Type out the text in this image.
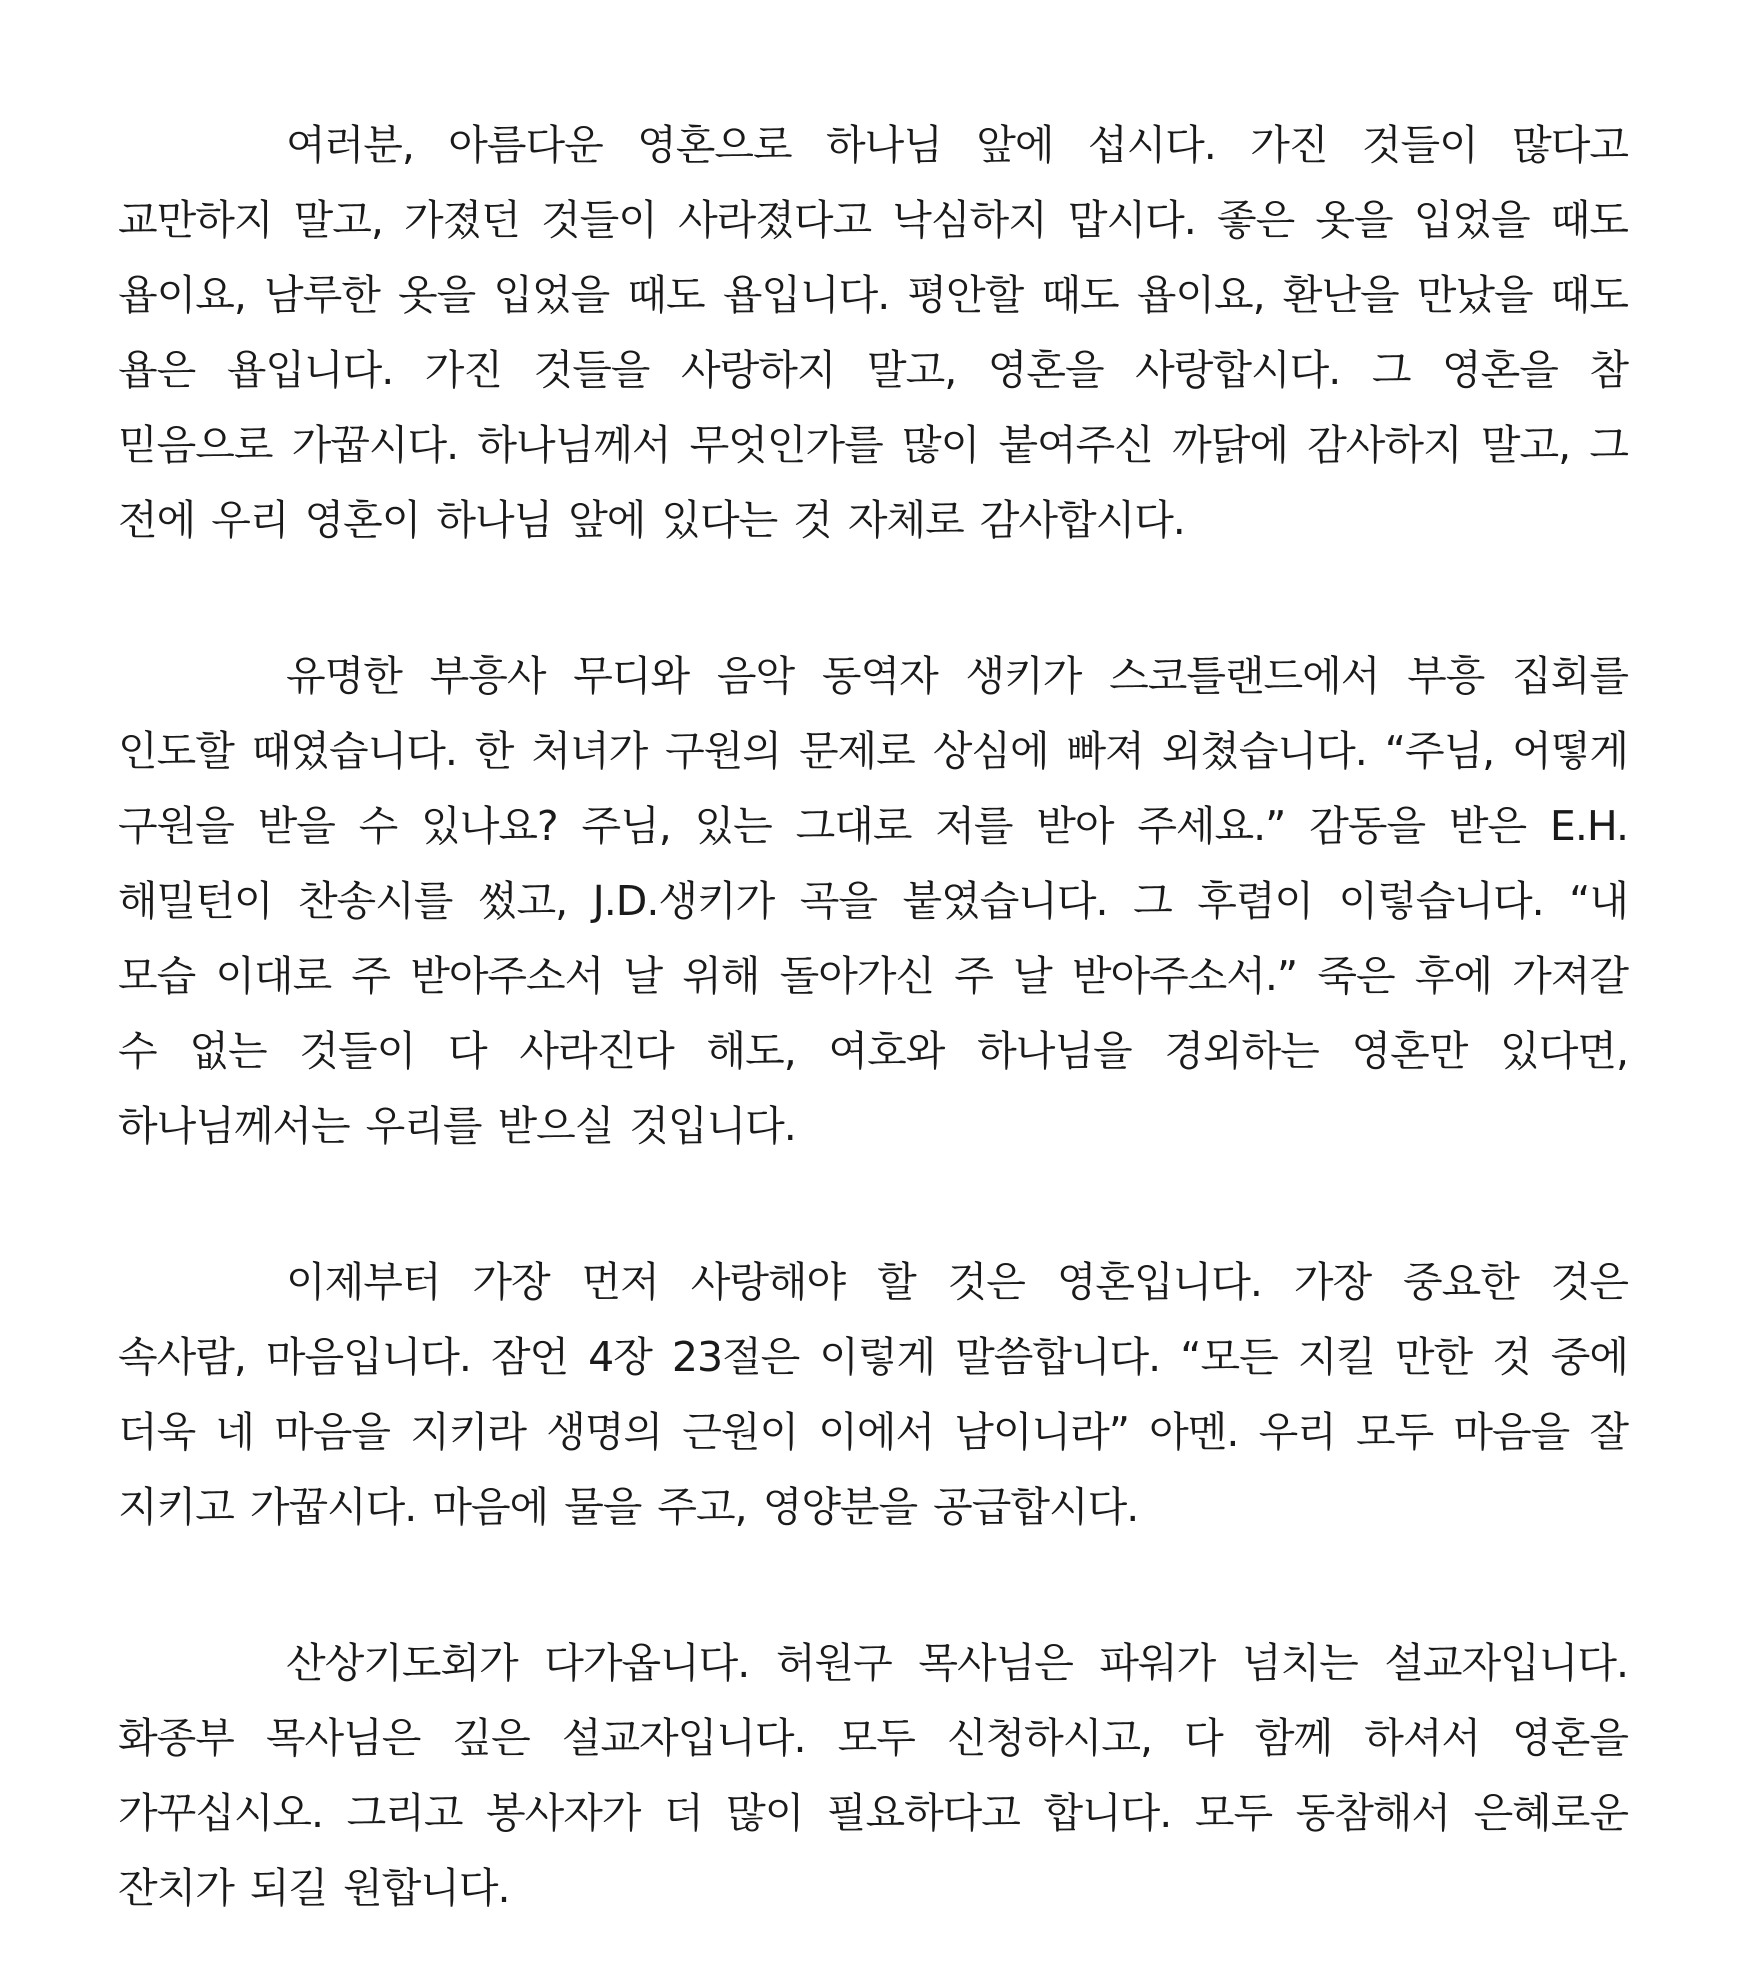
여러분, 아름다운 영혼으로 하나님 앞에 섭시다. 가진 것들이 많다고 교만하지 말고, 가졌던 것들이 사라졌다고 낙심하지 맙시다. 좋은 옷을 입었을 때도 욥이요, 남루한 옷을 입었을 때도 욥입니다. 평안할 때도 욥이요, 환난을 만났을 때도 욥은 욥입니다. 가진 것들을 사랑하지 말고, 영혼을 사랑합시다. 그 영혼을 참 믿음으로 가꿉시다. 하나님께서 무엇인가를 많이 붙여주신 까닭에 감사하지 말고, 그 전에 우리 영혼이 하나님 앞에 있다는 것 자체로 감사합시다.

유명한 부흥사 무디와 음악 동역자 생키가 스코틀랜드에서 부흥 집회를 인도할 때였습니다. 한 처녀가 구원의 문제로 상심에 빠져 외쳤습니다. “주님, 어떻게 구원을 받을 수 있나요? 주님, 있는 그대로 저를 받아 주세요.” 감동을 받은 E.H. 해밀턴이 찬송시를 썼고, J.D.생키가 곡을 붙였습니다. 그 후렴이 이렇습니다. “내 모습 이대로 주 받아주소서 날 위해 돌아가신 주 날 받아주소서.” 죽은 후에 가져갈 수 없는 것들이 다 사라진다 해도, 여호와 하나님을 경외하는 영혼만 있다면, 하나님께서는 우리를 받으실 것입니다.

이제부터 가장 먼저 사랑해야 할 것은 영혼입니다. 가장 중요한 것은 속사람, 마음입니다. 잠언 4장 23절은 이렇게 말씀합니다. “모든 지킬 만한 것 중에 더욱 네 마음을 지키라 생명의 근원이 이에서 남이니라” 아멘. 우리 모두 마음을 잘 지키고 가꿉시다. 마음에 물을 주고, 영양분을 공급합시다.

산상기도회가 다가옵니다. 허원구 목사님은 파워가 넘치는 설교자입니다. 화종부 목사님은 깊은 설교자입니다. 모두 신청하시고, 다 함께 하셔서 영혼을 가꾸십시오. 그리고 봉사자가 더 많이 필요하다고 합니다. 모두 동참해서 은혜로운 잔치가 되길 원합니다.
